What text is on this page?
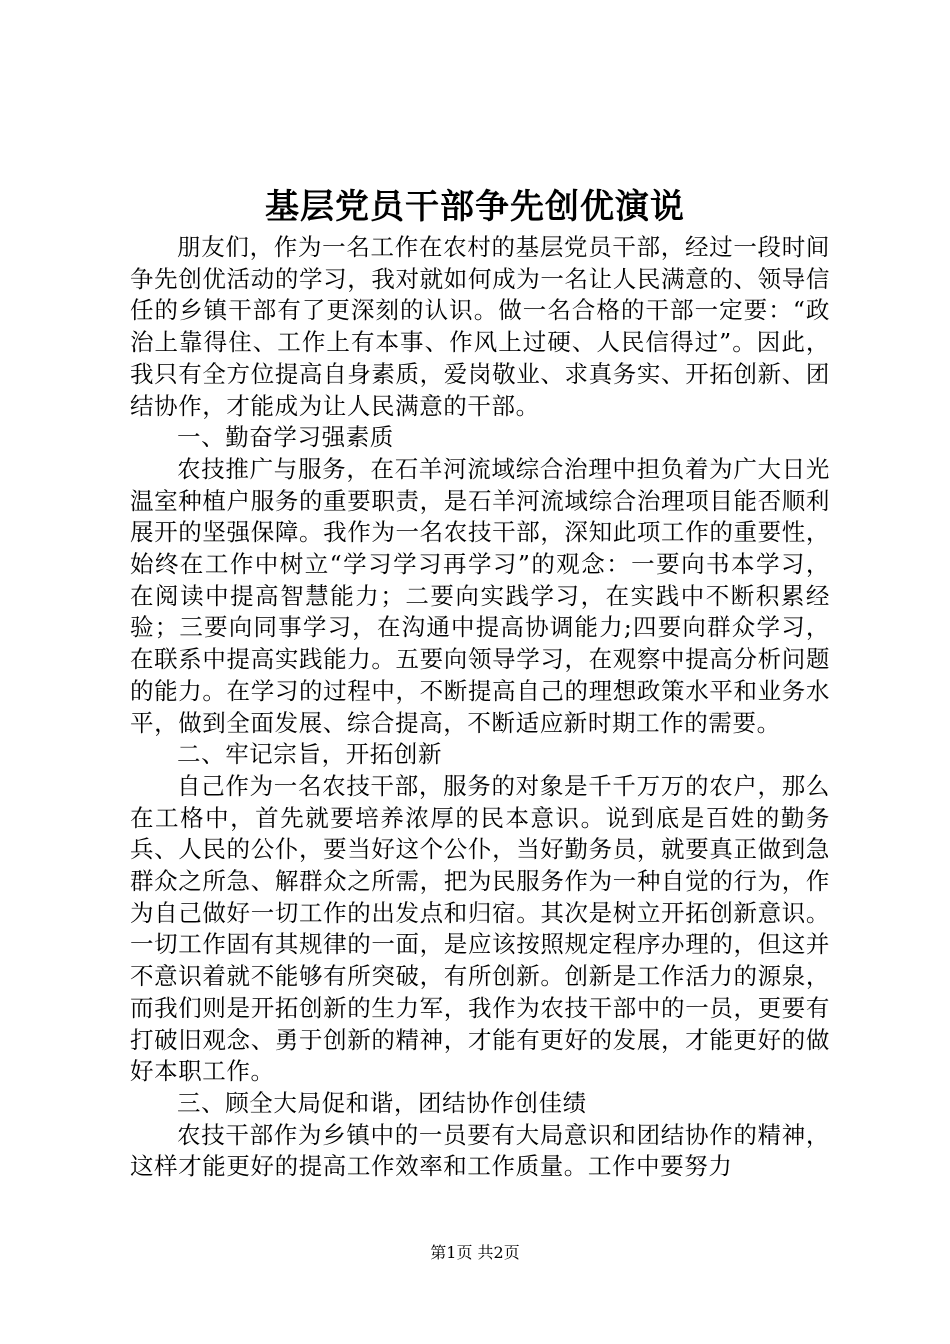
基层党员干部争先创优演说

朋友们，作为一名工作在农村的基层党员干部，经过一段时间争先创优活动的学习，我对就如何成为一名让人民满意的、领导信任的乡镇干部有了更深刻的认识。做一名合格的干部一定要：“政治上靠得住、工作上有本事、作风上过硬、人民信得过”。因此，我只有全方位提高自身素质，爱岗敬业、求真务实、开拓创新、团结协作，才能成为让人民满意的干部。

一、勤奋学习强素质

农技推广与服务，在石羊河流域综合治理中担负着为广大日光温室种植户服务的重要职责，是石羊河流域综合治理项目能否顺利展开的坚强保障。我作为一名农技干部，深知此项工作的重要性，始终在工作中树立“学习学习再学习”的观念：一要向书本学习，在阅读中提高智慧能力；二要向实践学习，在实践中不断积累经验；三要向同事学习，在沟通中提高协调能力;四要向群众学习，在联系中提高实践能力。五要向领导学习，在观察中提高分析问题的能力。在学习的过程中，不断提高自己的理想政策水平和业务水平，做到全面发展、综合提高，不断适应新时期工作的需要。

二、牢记宗旨，开拓创新

自己作为一名农技干部，服务的对象是千千万万的农户，那么在工格中，首先就要培养浓厚的民本意识。说到底是百姓的勤务兵、人民的公仆，要当好这个公仆，当好勤务员，就要真正做到急群众之所急、解群众之所需，把为民服务作为一种自觉的行为，作为自己做好一切工作的出发点和归宿。其次是树立开拓创新意识。一切工作固有其规律的一面，是应该按照规定程序办理的，但这并不意识着就不能够有所突破，有所创新。创新是工作活力的源泉，而我们则是开拓创新的生力军，我作为农技干部中的一员，更要有打破旧观念、勇于创新的精神，才能有更好的发展，才能更好的做好本职工作。

三、顾全大局促和谐，团结协作创佳绩

农技干部作为乡镇中的一员要有大局意识和团结协作的精神，这样才能更好的提高工作效率和工作质量。工作中要努力

第1页 共2页
